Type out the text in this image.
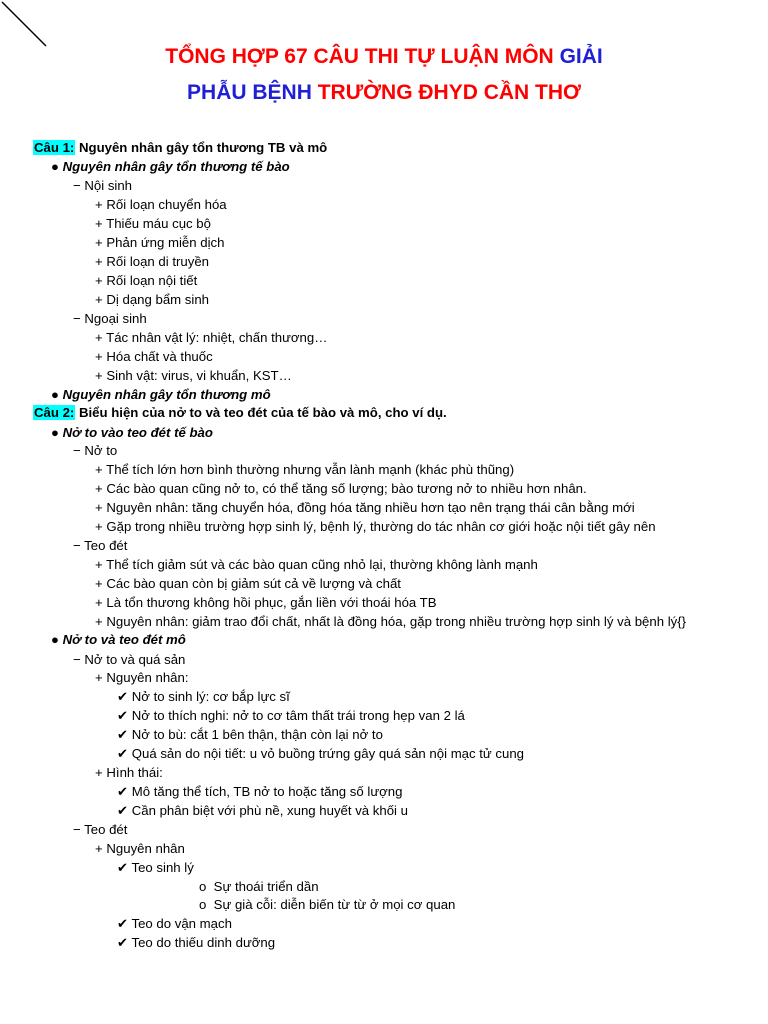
TỔNG HỢP 67 CÂU THI TỰ LUẬN MÔN GIẢI
PHẪU BỆNH TRƯỜNG ĐHYD CẦN THƠ
Câu 1: Nguyên nhân gây tổn thương TB và mô
● Nguyên nhân gây tổn thương tế bào
− Nội sinh
+ Rối loạn chuyển hóa
+ Thiếu máu cục bộ
+ Phản ứng miễn dịch
+ Rối loạn di truyền
+ Rối loạn nội tiết
+ Dị dạng bẩm sinh
− Ngoại sinh
+ Tác nhân vật lý: nhiệt, chấn thương…
+ Hóa chất và thuốc
+ Sinh vật: virus, vi khuẩn, KST…
● Nguyên nhân gây tổn thương mô
Câu 2: Biểu hiện của nở to và teo đét của tế bào và mô, cho ví dụ.
● Nở to vào teo đét tế bào
− Nở to
+ Thể tích lớn hơn bình thường nhưng vẫn lành mạnh (khác phù thũng)
+ Các bào quan cũng nở to, có thể tăng số lượng; bào tương nở to nhiều hơn nhân.
+ Nguyên nhân: tăng chuyển hóa, đồng hóa tăng nhiều hơn tạo nên trạng thái cân bằng mới
+ Gặp trong nhiều trường hợp sinh lý, bệnh lý, thường do tác nhân cơ giới hoặc nội tiết gây nên
− Teo đét
+ Thể tích giảm sút và các bào quan cũng nhỏ lại, thường không lành mạnh
+ Các bào quan còn bị giảm sút cả về lượng và chất
+ Là tổn thương không hồi phục, gắn liền với thoái hóa TB
+ Nguyên nhân: giảm trao đổi chất, nhất là đồng hóa, gặp trong nhiều trường hợp sinh lý và bệnh lý{}
● Nở to và teo đét mô
− Nở to và quá sản
+ Nguyên nhân:
✔ Nở to sinh lý: cơ bắp lực sĩ
✔ Nở to thích nghi: nở to cơ tâm thất trái trong hẹp van 2 lá
✔ Nở to bù: cắt 1 bên thận, thận còn lại nở to
✔ Quá sản do nội tiết: u vỏ buồng trứng gây quá sản nội mạc tử cung
+ Hình thái:
✔ Mô tăng thể tích, TB nở to hoặc tăng số lượng
✔ Cần phân biệt với phù nề, xung huyết và khối u
− Teo đét
+ Nguyên nhân
✔ Teo sinh lý
o Sự thoái triển dần
o Sự già cỗi: diễn biến từ từ ở mọi cơ quan
✔ Teo do vận mạch
✔ Teo do thiếu dinh dưỡng
